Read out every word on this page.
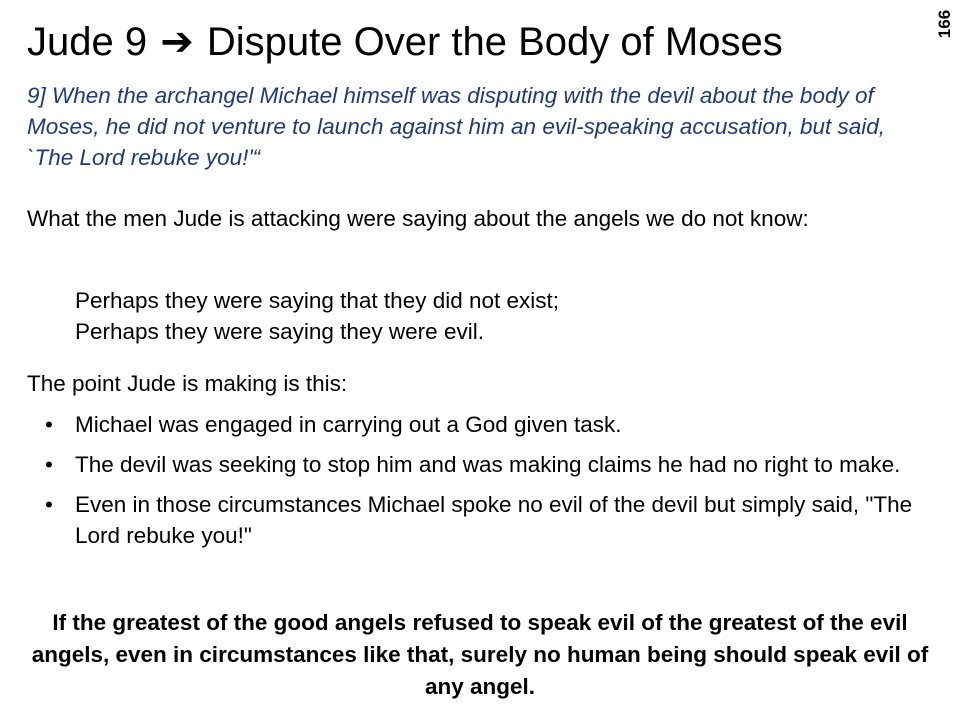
166
Jude 9 ➔ Dispute Over the Body of Moses
9] When the archangel Michael himself was disputing with the devil about the body of Moses, he did not venture to launch against him an evil-speaking accusation, but said, `The Lord rebuke you!'“
What the men Jude is attacking were saying about the angels we do not know:
Perhaps they were saying that they did not exist;
Perhaps they were saying they were evil.
The point Jude is making is this:
• Michael was engaged in carrying out a God given task.
• The devil was seeking to stop him and was making claims he had no right to make.
• Even in those circumstances Michael spoke no evil of the devil but simply said, "The Lord rebuke you!"
If the greatest of the good angels refused to speak evil of the greatest of the evil angels, even in circumstances like that, surely no human being should speak evil of any angel.
